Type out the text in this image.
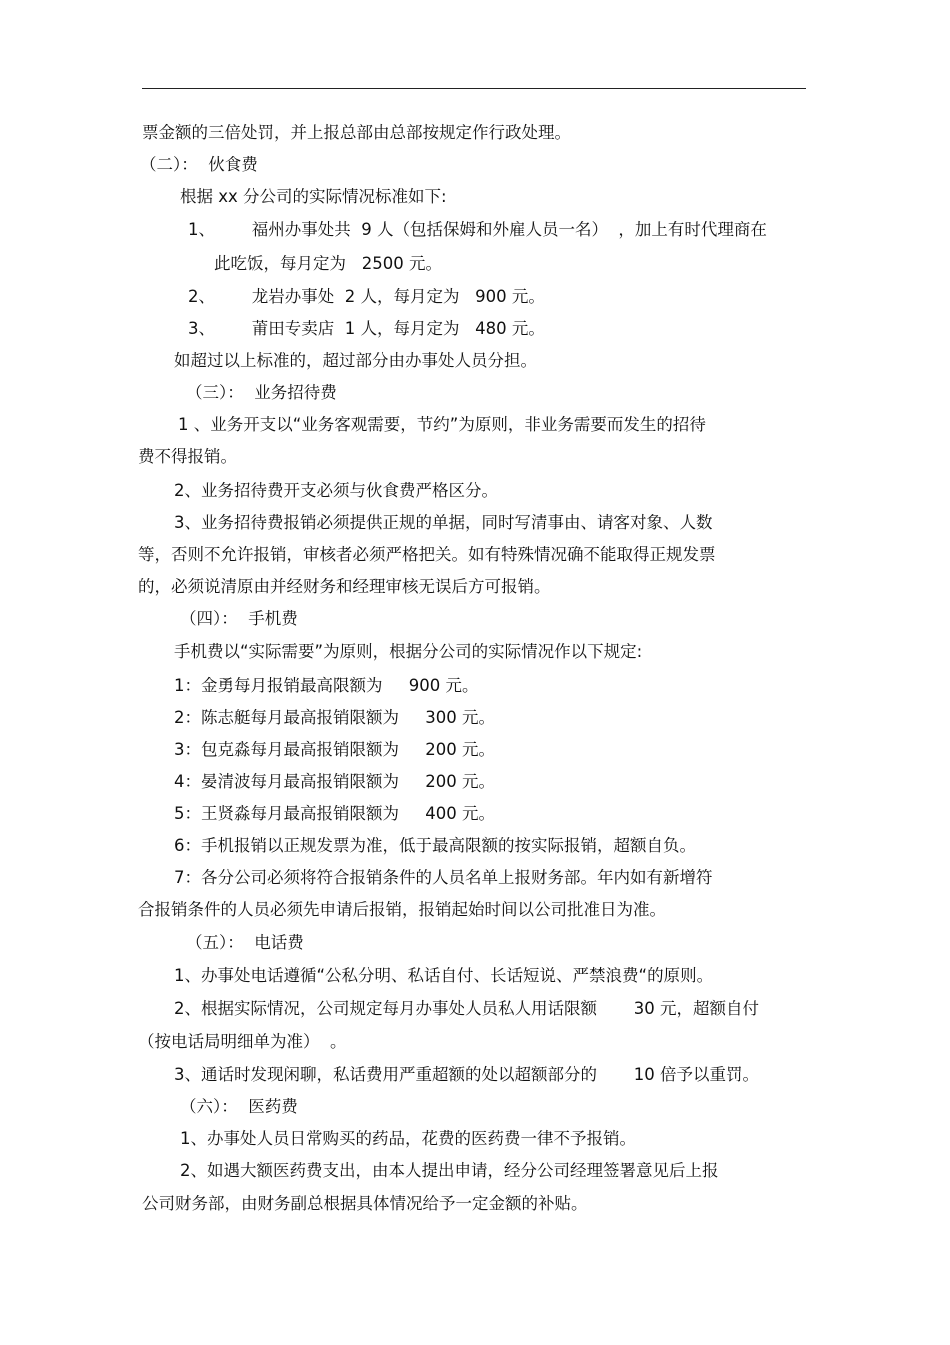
票金额的三倍处罚，并上报总部由总部按规定作行政处理。
（二）：  伙食费
根据 xx 分公司的实际情况标准如下:
1、       福州办事处共  9 人（包括保姆和外雇人员一名）  ，加上有时代理商在
此吃饭，每月定为   2500 元。
2、       龙岩办事处  2 人，每月定为   900 元。
3、       莆田专卖店  1 人，每月定为   480 元。
如超过以上标准的，超过部分由办事处人员分担。
（三）：  业务招待费
1 、业务开支以“业务客观需要，节约”为原则，非业务需要而发生的招待
费不得报销。
2、业务招待费开支必须与伙食费严格区分。
3、业务招待费报销必须提供正规的单据，同时写清事由、请客对象、人数
等，否则不允许报销，审核者必须严格把关。如有特殊情况确不能取得正规发票
的，必须说清原由并经财务和经理审核无误后方可报销。
（四）：  手机费
手机费以“实际需要”为原则，根据分公司的实际情况作以下规定:
1：金勇每月报销最高限额为     900 元。
2：陈志艇每月最高报销限额为     300 元。
3：包克淼每月最高报销限额为     200 元。
4：晏清波每月最高报销限额为     200 元。
5：王贤淼每月最高报销限额为     400 元。
6：手机报销以正规发票为准，低于最高限额的按实际报销，超额自负。
7：各分公司必须将符合报销条件的人员名单上报财务部。年内如有新增符
合报销条件的人员必须先申请后报销，报销起始时间以公司批准日为准。
（五）：  电话费
1、办事处电话遵循“公私分明、私话自付、长话短说、严禁浪费“的原则。
2、根据实际情况，公司规定每月办事处人员私人用话限额       30 元，超额自付
（按电话局明细单为准）  。
3、通话时发现闲聊，私话费用严重超额的处以超额部分的       10 倍予以重罚。
（六）：  医药费
1、办事处人员日常购买的药品，花费的医药费一律不予报销。
2、如遇大额医药费支出，由本人提出申请，经分公司经理签署意见后上报
公司财务部，由财务副总根据具体情况给予一定金额的补贴。
